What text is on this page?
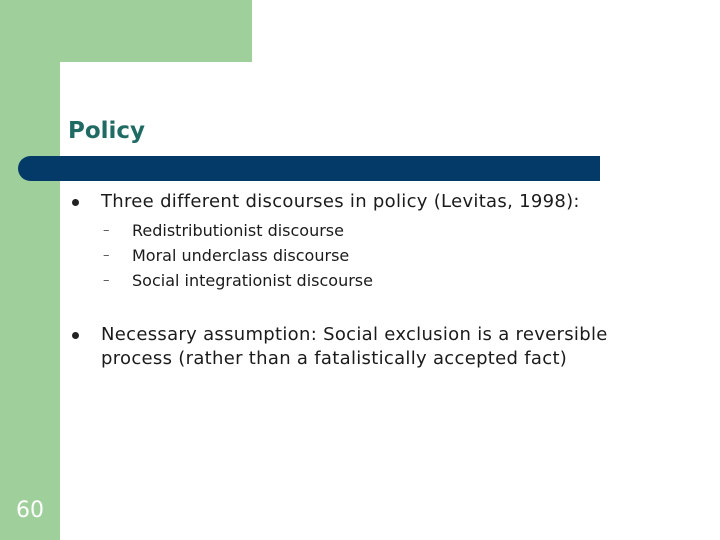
Policy
Three different discourses in policy (Levitas, 1998):
– Redistributionist discourse
– Moral underclass discourse
– Social integrationist discourse
Necessary assumption: Social exclusion is a reversible process (rather than a fatalistically accepted fact)
60
